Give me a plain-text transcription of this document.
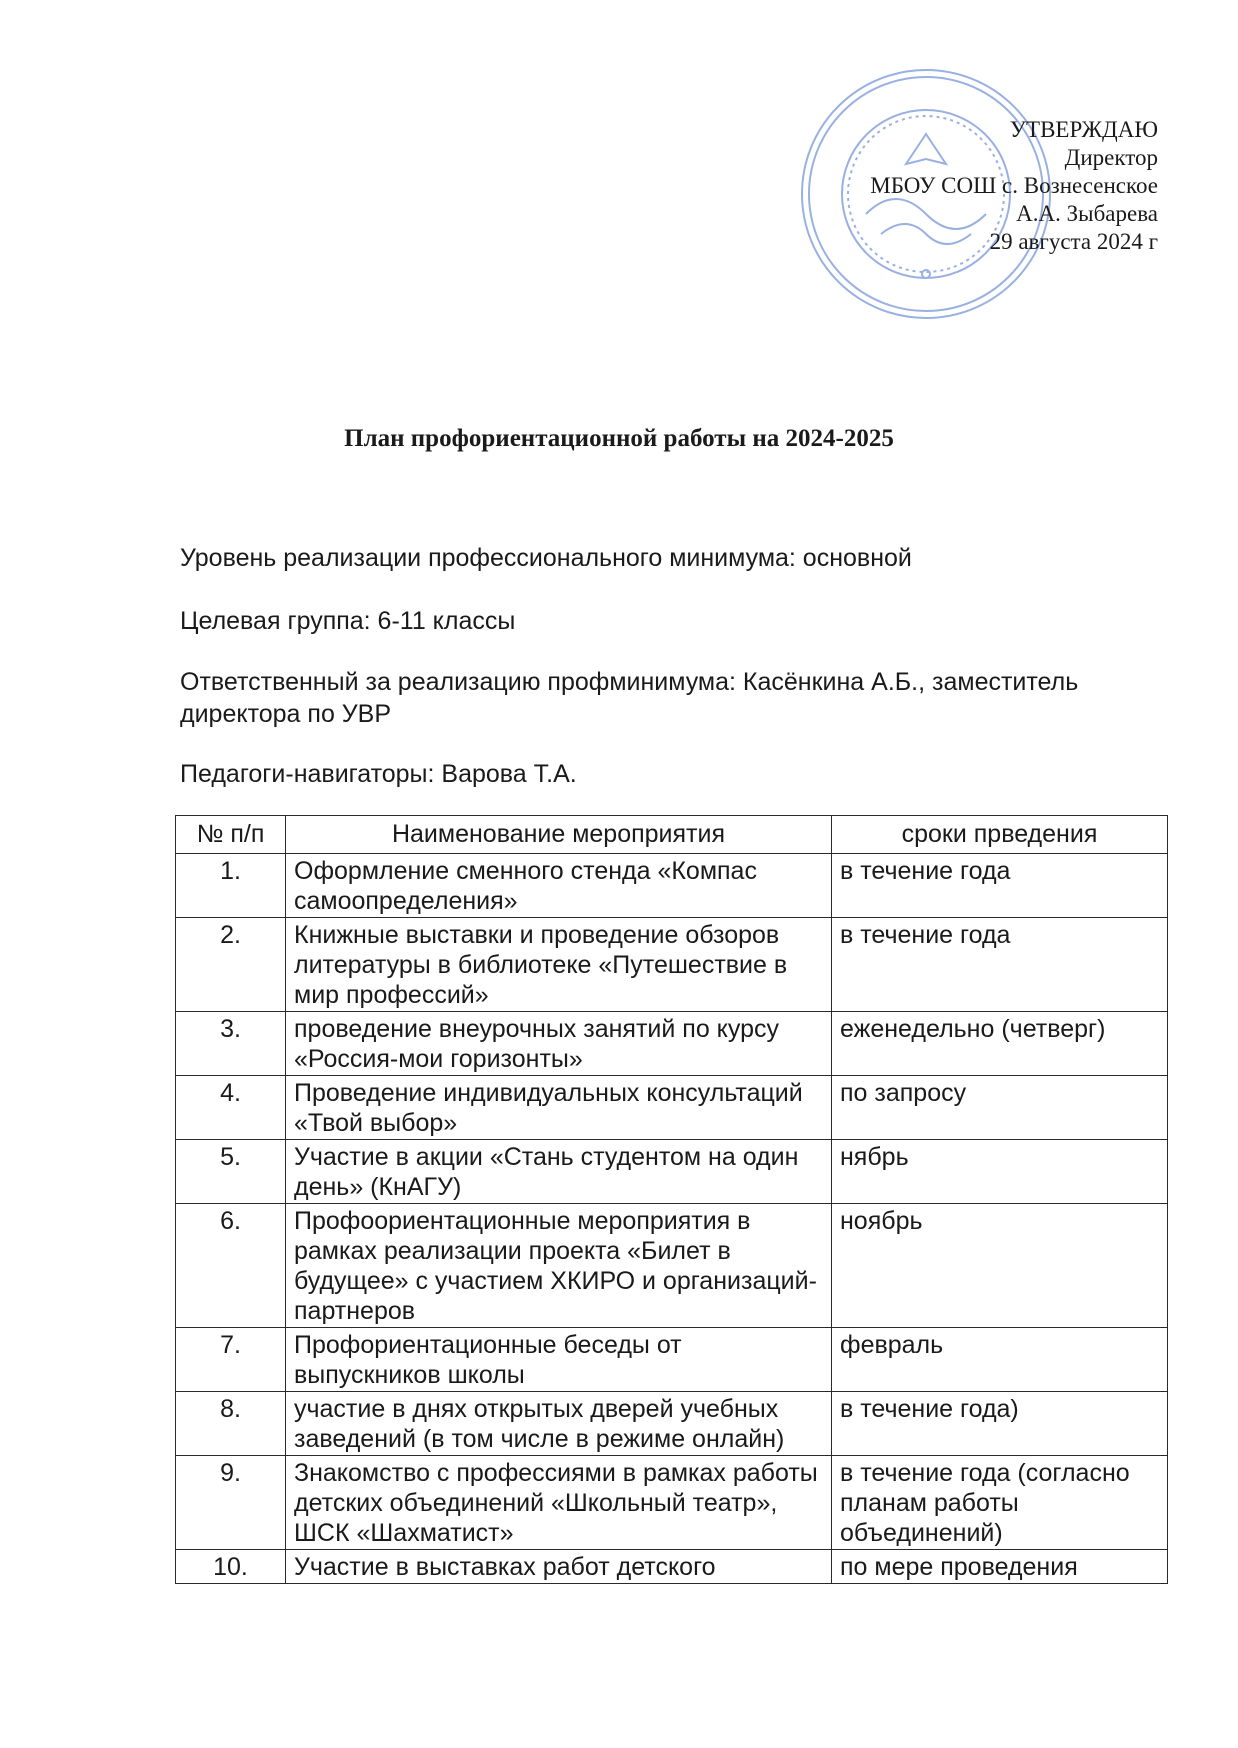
УТВЕРЖДАЮ
Директор
МБОУ СОШ с. Вознесенское
А.А. Зыбарева
29 августа 2024 г
План профориентационной работы на 2024-2025
Уровень реализации профессионального минимума: основной
Целевая группа: 6-11 классы
Ответственный за реализацию профминимума: Касёнкина А.Б., заместитель директора по УВР
Педагоги-навигаторы: Варова Т.А.
№ п/п	Наименование мероприятия	сроки прведения
1.	Оформление сменного стенда «Компас самоопределения»	в течение года
2.	Книжные выставки и проведение обзоров литературы в библиотеке «Путешествие в мир профессий»	в течение года
3.	проведение внеурочных занятий по курсу «Россия-мои горизонты»	еженедельно (четверг)
4.	Проведение индивидуальных консультаций «Твой выбор»	по запросу
5.	Участие в акции «Стань студентом на один день» (КнАГУ)	нябрь
6.	Профоориентационные мероприятия в рамках реализации проекта «Билет в будущее» с участием ХКИРО и организаций-партнеров	ноябрь
7.	Профориентационные беседы от выпускников школы	февраль
8.	участие в днях открытых дверей учебных заведений (в том числе в режиме онлайн)	в течение года)
9.	Знакомство с профессиями в рамках работы детских объединений «Школьный театр», ШСК «Шахматист»	в течение года (согласно планам работы объединений)
10.	Участие в выставках работ детского	по мере проведения
